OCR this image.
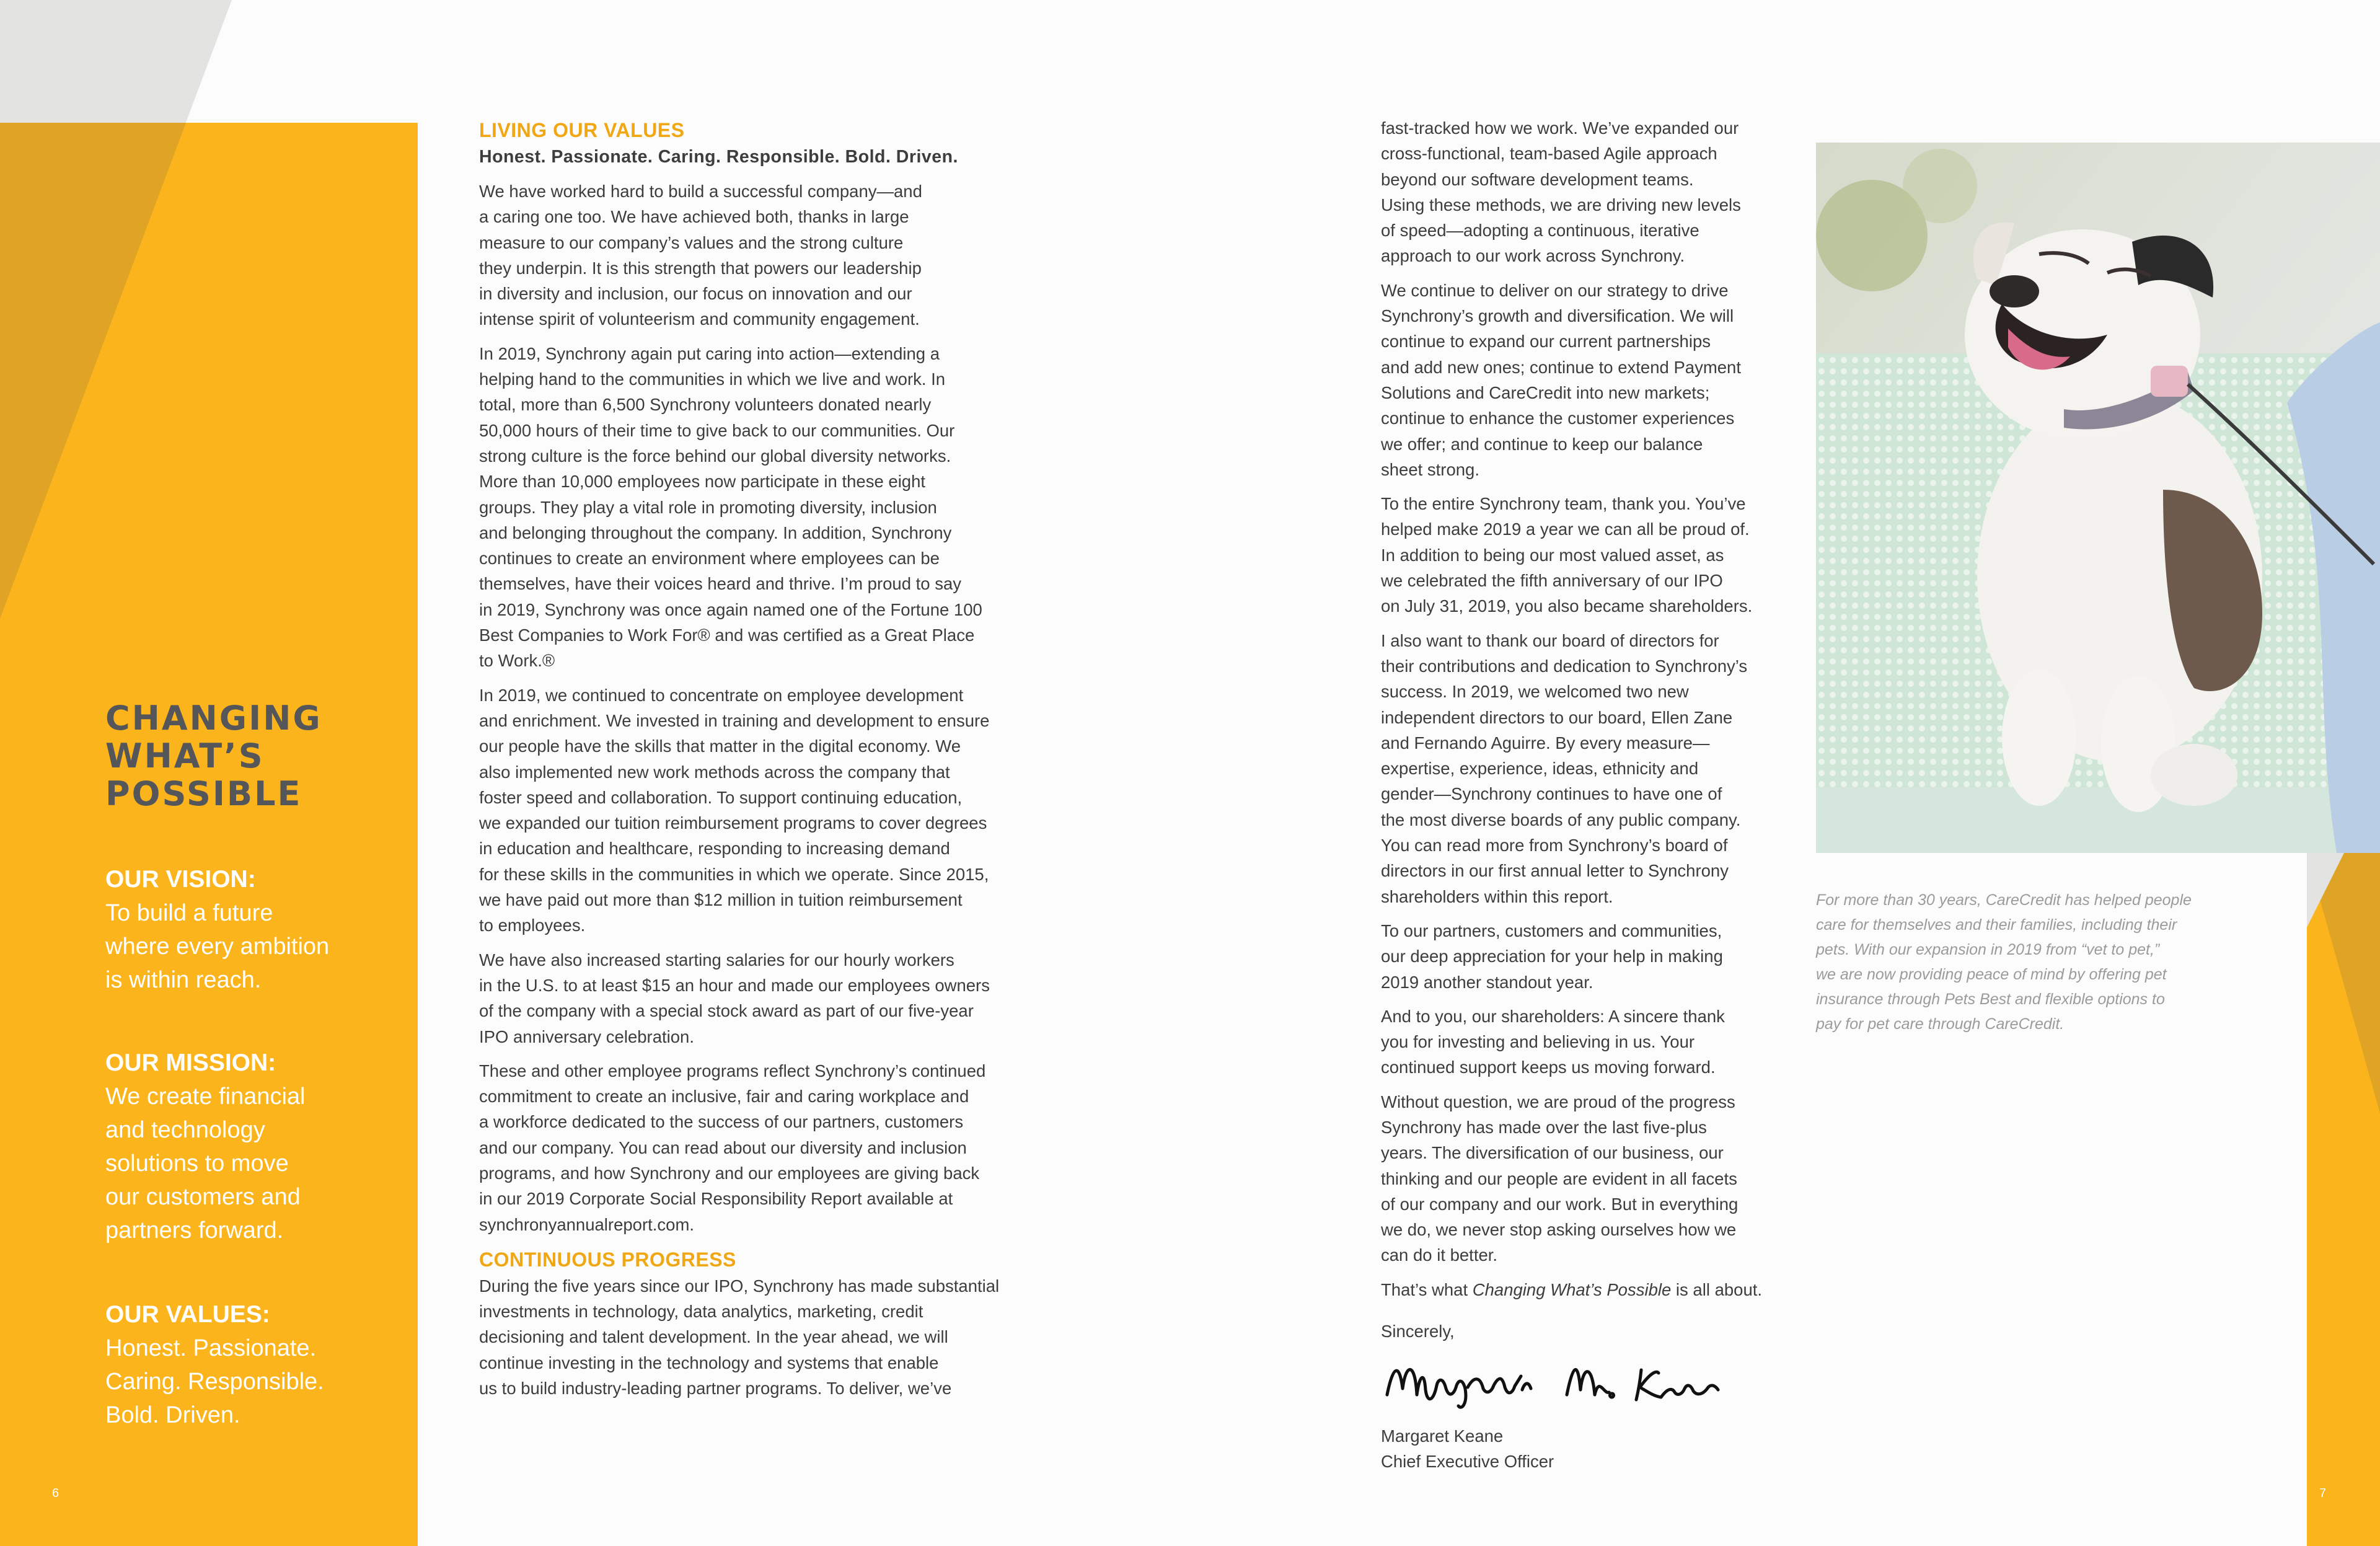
CHANGING
WHAT’S
POSSIBLE

OUR VISION:

To build a future
where every ambition
is within reach.

OUR MISSION:

We create financial
and technology
solutions to move
our customers and
partners forward.

OUR VALUES:

Honest. Passionate.
Caring. Responsible.
Bold. Driven.

6
LIVING OUR VALUES

Honest. Passionate. Caring. Responsible. Bold. Driven.

We have worked hard to build a successful company—and
a caring one too. We have achieved both, thanks in large
measure to our company’s values and the strong culture
they underpin. It is this strength that powers our leadership
in diversity and inclusion, our focus on innovation and our
intense spirit of volunteerism and community engagement.

In 2019, Synchrony again put caring into action—extending a
helping hand to the communities in which we live and work. In
total, more than 6,500 Synchrony volunteers donated nearly
50,000 hours of their time to give back to our communities. Our
strong culture is the force behind our global diversity networks.
More than 10,000 employees now participate in these eight
groups. They play a vital role in promoting diversity, inclusion
and belonging throughout the company. In addition, Synchrony
continues to create an environment where employees can be
themselves, have their voices heard and thrive. I’m proud to say
in 2019, Synchrony was once again named one of the Fortune 100
Best Companies to Work For® and was certified as a Great Place
to Work.®

In 2019, we continued to concentrate on employee development
and enrichment. We invested in training and development to ensure
our people have the skills that matter in the digital economy. We
also implemented new work methods across the company that
foster speed and collaboration. To support continuing education,
we expanded our tuition reimbursement programs to cover degrees
in education and healthcare, responding to increasing demand
for these skills in the communities in which we operate. Since 2015,
we have paid out more than $12 million in tuition reimbursement
to employees.

We have also increased starting salaries for our hourly workers
in the U.S. to at least $15 an hour and made our employees owners
of the company with a special stock award as part of our five-year
IPO anniversary celebration.

These and other employee programs reflect Synchrony’s continued
commitment to create an inclusive, fair and caring workplace and
a workforce dedicated to the success of our partners, customers
and our company. You can read about our diversity and inclusion
programs, and how Synchrony and our employees are giving back
in our 2019 Corporate Social Responsibility Report available at
synchronyannualreport.com.

CONTINUOUS PROGRESS

During the five years since our IPO, Synchrony has made substantial
investments in technology, data analytics, marketing, credit
decisioning and talent development. In the year ahead, we will
continue investing in the technology and systems that enable
us to build industry-leading partner programs. To deliver, we’ve

fast-tracked how we work. We’ve expanded our
cross-functional, team-based Agile approach
beyond our software development teams.
Using these methods, we are driving new levels
of speed—adopting a continuous, iterative
approach to our work across Synchrony.

We continue to deliver on our strategy to drive
Synchrony’s growth and diversification. We will
continue to expand our current partnerships
and add new ones; continue to extend Payment
Solutions and CareCredit into new markets;
continue to enhance the customer experiences
we offer; and continue to keep our balance
sheet strong.

To the entire Synchrony team, thank you. You’ve
helped make 2019 a year we can all be proud of.
In addition to being our most valued asset, as
we celebrated the fifth anniversary of our IPO
on July 31, 2019, you also became shareholders.

I also want to thank our board of directors for
their contributions and dedication to Synchrony’s
success. In 2019, we welcomed two new
independent directors to our board, Ellen Zane
and Fernando Aguirre. By every measure—
expertise, experience, ideas, ethnicity and
gender—Synchrony continues to have one of
the most diverse boards of any public company.
You can read more from Synchrony’s board of
directors in our first annual letter to Synchrony
shareholders within this report.

To our partners, customers and communities,
our deep appreciation for your help in making
2019 another standout year.

And to you, our shareholders: A sincere thank
you for investing and believing in us. Your
continued support keeps us moving forward.

Without question, we are proud of the progress
Synchrony has made over the last five-plus
years. The diversification of our business, our
thinking and our people are evident in all facets
of our company and our work. But in everything
we do, we never stop asking ourselves how we
can do it better.

That’s what Changing What’s Possible is all about.

Sincerely,

Margaret Keane
Chief Executive Officer

For more than 30 years, CareCredit has helped people
care for themselves and their families, including their
pets. With our expansion in 2019 from “vet to pet,”
we are now providing peace of mind by offering pet
insurance through Pets Best and flexible options to
pay for pet care through CareCredit.

7
